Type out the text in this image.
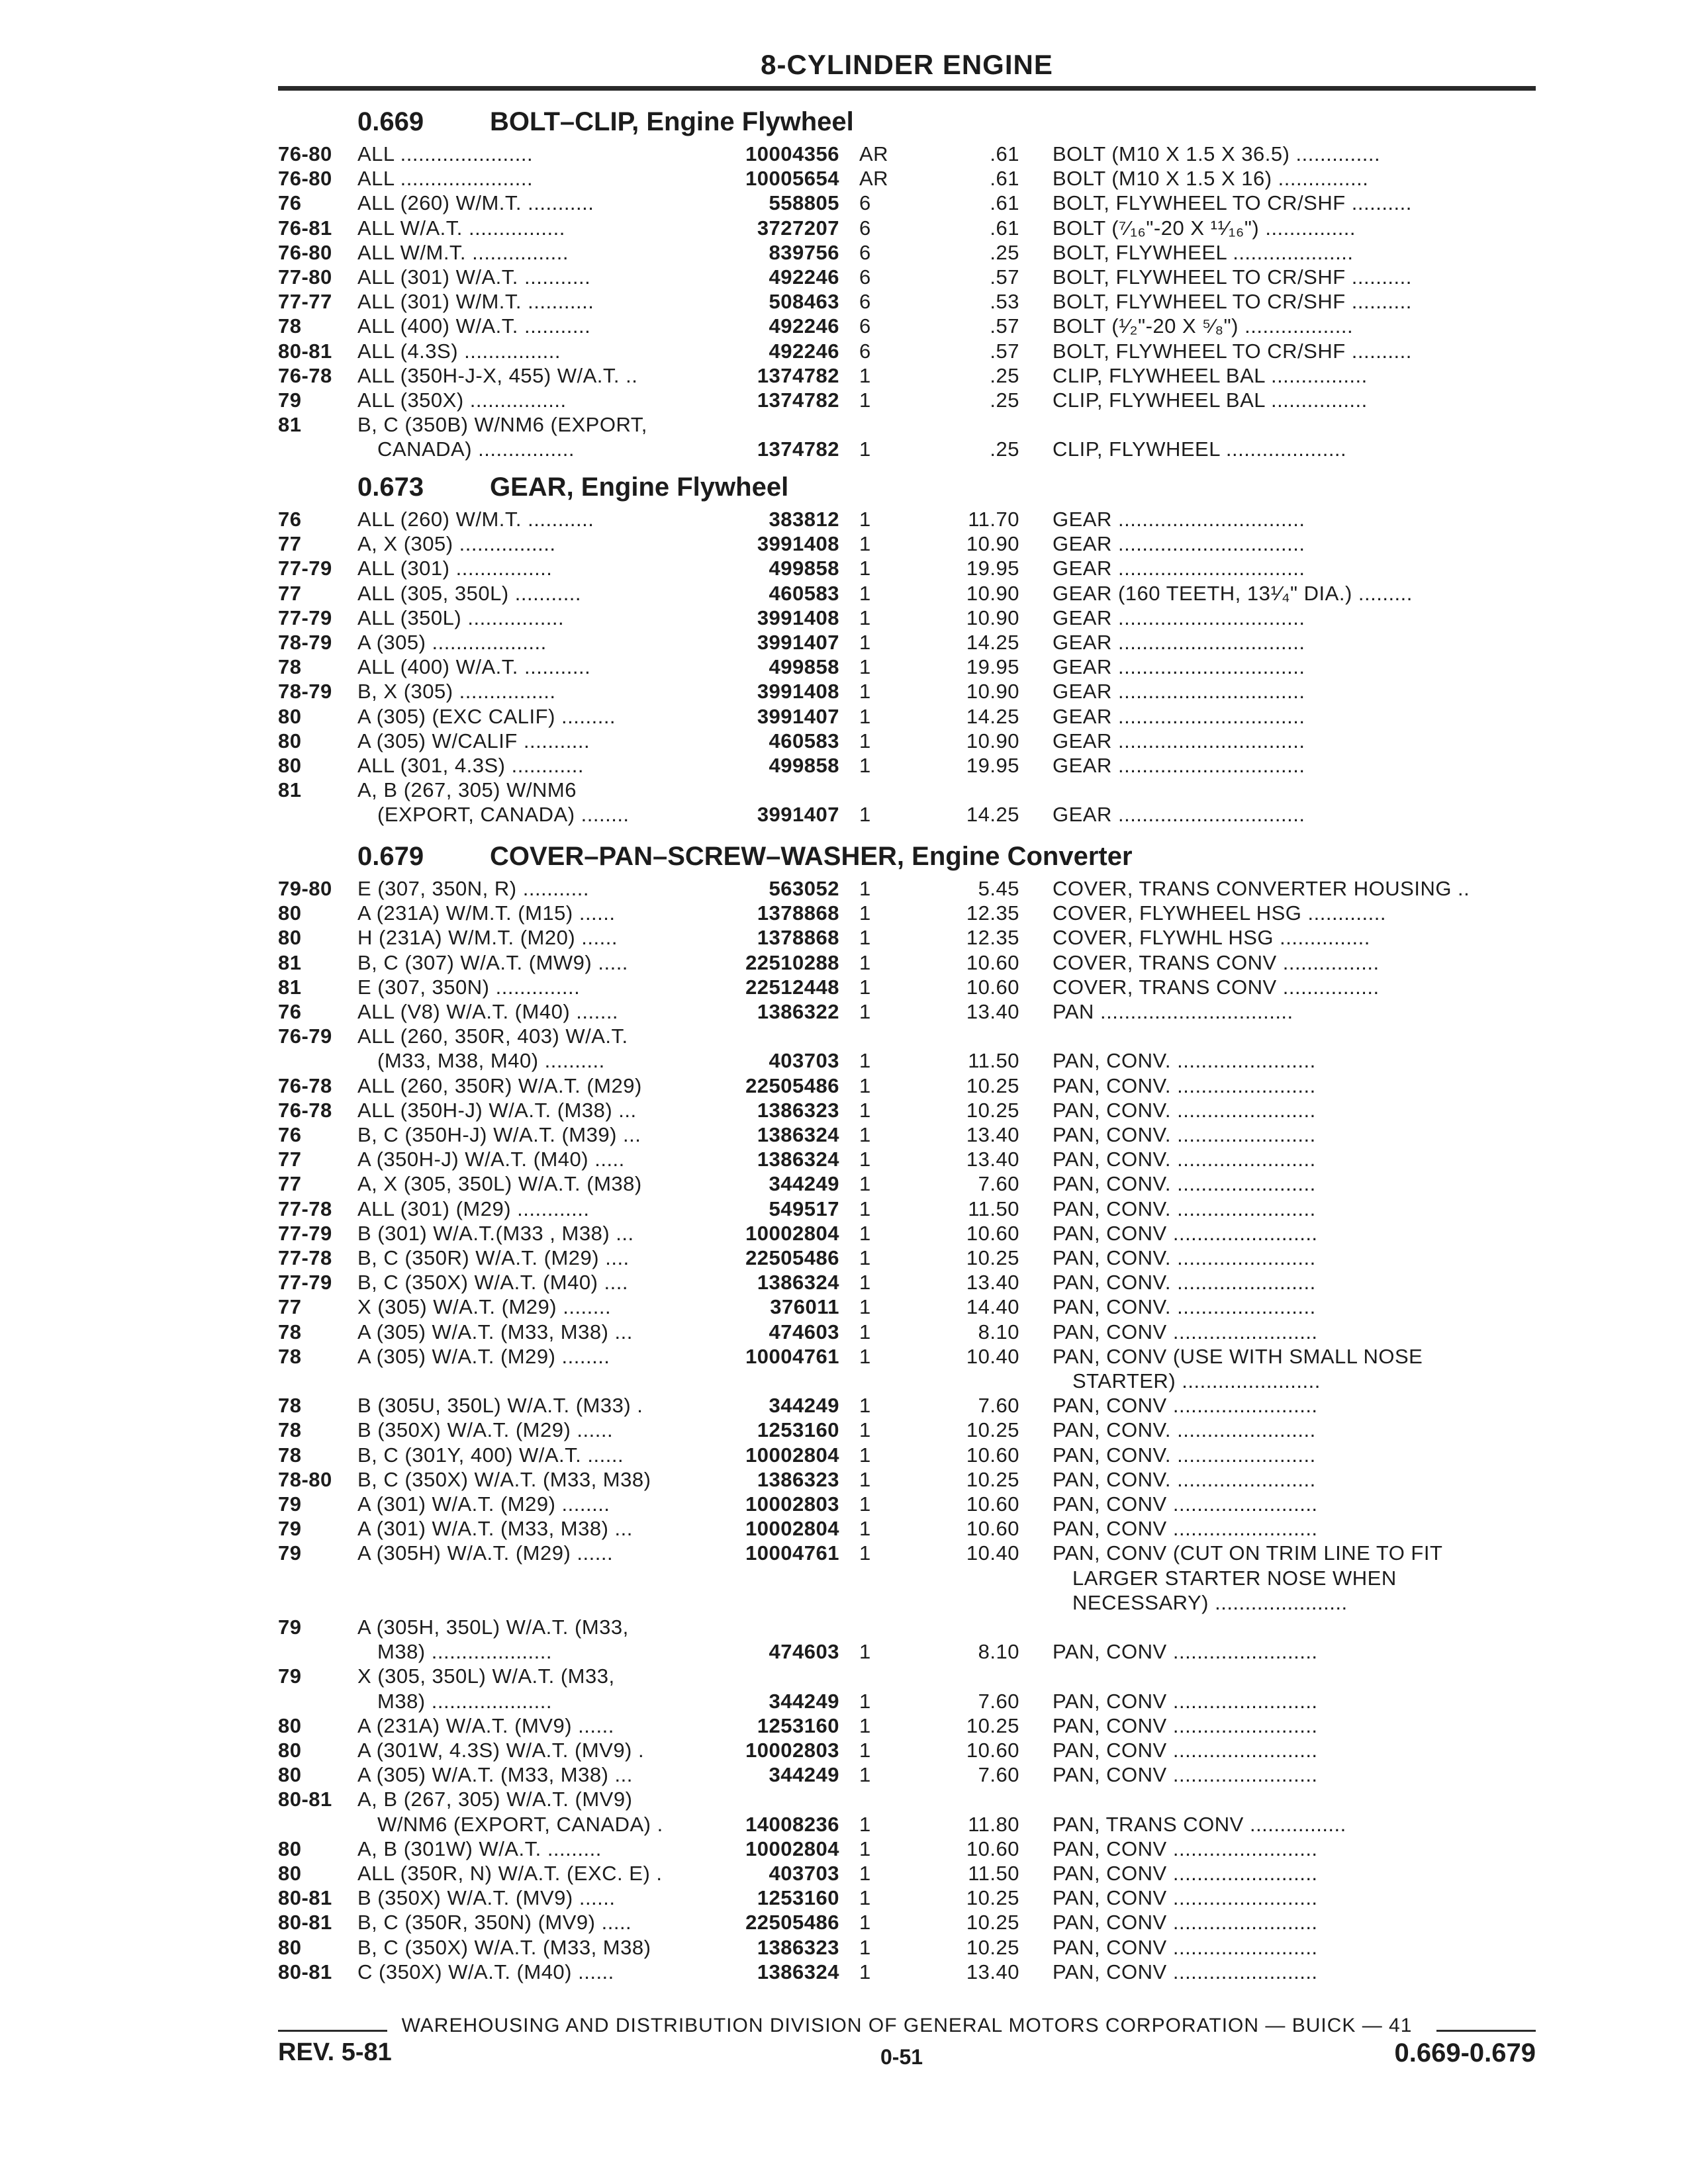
8-CYLINDER ENGINE
0.669 BOLT–CLIP, Engine Flywheel
76-80 ALL ......................	10004356 AR	.61 BOLT (M10 X 1.5 X 36.5) ..............
76-80 ALL ......................	10005654 AR	.61 BOLT (M10 X 1.5 X 16) ...............
76	ALL (260) W/M.T. ...........	558805 6	.61 BOLT, FLYWHEEL TO CR/SHF ..........
76-81 ALL W/A.T. ................	3727207 6	.61 BOLT (⁷⁄₁₆"-20 X ¹¹⁄₁₆") ...............
76-80 ALL W/M.T. ................	839756 6	.25 BOLT, FLYWHEEL ....................
77-80 ALL (301) W/A.T. ...........	492246 6	.57 BOLT, FLYWHEEL TO CR/SHF ..........
77-77 ALL (301) W/M.T. ...........	508463 6	.53 BOLT, FLYWHEEL TO CR/SHF ..........
78	ALL (400) W/A.T. ...........	492246 6	.57 BOLT (¹⁄₂"-20 X ⁵⁄₈") ..................
80-81 ALL (4.3S) ................	492246 6	.57 BOLT, FLYWHEEL TO CR/SHF ..........
76-78 ALL (350H-J-X, 455) W/A.T. ..	1374782 1	.25 CLIP, FLYWHEEL BAL ................
79	ALL (350X) ................	1374782 1	.25 CLIP, FLYWHEEL BAL ................
81	B, C (350B) W/NM6 (EXPORT,
CANADA) ................	1374782 1	.25 CLIP, FLYWHEEL ....................
0.673 GEAR, Engine Flywheel
76	ALL (260) W/M.T. ...........	383812 1	11.70 GEAR ...............................
77	A, X (305) ................	3991408 1	10.90 GEAR ...............................
77-79 ALL (301) ................	499858 1	19.95 GEAR ...............................
77	ALL (305, 350L) ...........	460583 1	10.90 GEAR (160 TEETH, 13¹⁄₄" DIA.) .........
77-79 ALL (350L) ................	3991408 1	10.90 GEAR ...............................
78-79 A (305) ...................	3991407 1	14.25 GEAR ...............................
78	ALL (400) W/A.T. ...........	499858 1	19.95 GEAR ...............................
78-79 B, X (305) ................	3991408 1	10.90 GEAR ...............................
80	A (305) (EXC CALIF) .........	3991407 1	14.25 GEAR ...............................
80	A (305) W/CALIF ...........	460583 1	10.90 GEAR ...............................
80	ALL (301, 4.3S) ............	499858 1	19.95 GEAR ...............................
81	A, B (267, 305) W/NM6
(EXPORT, CANADA) ........	3991407 1	14.25 GEAR ...............................
0.679 COVER–PAN–SCREW–WASHER, Engine Converter
79-80 E (307, 350N, R) ...........	563052 1	5.45 COVER, TRANS CONVERTER HOUSING ..
80	A (231A) W/M.T. (M15) ......	1378868 1	12.35 COVER, FLYWHEEL HSG .............
80	H (231A) W/M.T. (M20) ......	1378868 1	12.35 COVER, FLYWHL HSG ...............
81	B, C (307) W/A.T. (MW9) .....	22510288 1	10.60 COVER, TRANS CONV ................
81	E (307, 350N) ..............	22512448 1	10.60 COVER, TRANS CONV ................
76	ALL (V8) W/A.T. (M40) .......	1386322 1	13.40 PAN ................................
76-79 ALL (260, 350R, 403) W/A.T.
(M33, M38, M40) ..........	403703 1	11.50 PAN, CONV. .......................
76-78 ALL (260, 350R) W/A.T. (M29)	22505486 1	10.25 PAN, CONV. .......................
76-78 ALL (350H-J) W/A.T. (M38) ...	1386323 1	10.25 PAN, CONV. .......................
76	B, C (350H-J) W/A.T. (M39) ...	1386324 1	13.40 PAN, CONV. .......................
77	A (350H-J) W/A.T. (M40) .....	1386324 1	13.40 PAN, CONV. .......................
77	A, X (305, 350L) W/A.T. (M38)	344249 1	7.60 PAN, CONV. .......................
77-78 ALL (301) (M29) ............	549517 1	11.50 PAN, CONV. .......................
77-79 B (301) W/A.T.(M33 , M38) ...	10002804 1	10.60 PAN, CONV ........................
77-78 B, C (350R) W/A.T. (M29) ....	22505486 1	10.25 PAN, CONV. .......................
77-79 B, C (350X) W/A.T. (M40) ....	1386324 1	13.40 PAN, CONV. .......................
77	X (305) W/A.T. (M29) ........	376011 1	14.40 PAN, CONV. .......................
78	A (305) W/A.T. (M33, M38) ...	474603 1	8.10 PAN, CONV ........................
78	A (305) W/A.T. (M29) ........	10004761 1	10.40 PAN, CONV (USE WITH SMALL NOSE
STARTER) .......................
78	B (305U, 350L) W/A.T. (M33) .	344249 1	7.60 PAN, CONV ........................
78	B (350X) W/A.T. (M29) ......	1253160 1	10.25 PAN, CONV. .......................
78	B, C (301Y, 400) W/A.T. ......	10002804 1	10.60 PAN, CONV. .......................
78-80 B, C (350X) W/A.T. (M33, M38)	1386323 1	10.25 PAN, CONV. .......................
79	A (301) W/A.T. (M29) ........	10002803 1	10.60 PAN, CONV ........................
79	A (301) W/A.T. (M33, M38) ...	10002804 1	10.60 PAN, CONV ........................
79	A (305H) W/A.T. (M29) ......	10004761 1	10.40 PAN, CONV (CUT ON TRIM LINE TO FIT
LARGER STARTER NOSE WHEN
NECESSARY) ......................
79	A (305H, 350L) W/A.T. (M33,
M38) ....................	474603 1	8.10 PAN, CONV ........................
79	X (305, 350L) W/A.T. (M33,
M38) ....................	344249 1	7.60 PAN, CONV ........................
80	A (231A) W/A.T. (MV9) ......	1253160 1	10.25 PAN, CONV ........................
80	A (301W, 4.3S) W/A.T. (MV9) .	10002803 1	10.60 PAN, CONV ........................
80	A (305) W/A.T. (M33, M38) ...	344249 1	7.60 PAN, CONV ........................
80-81 A, B (267, 305) W/A.T. (MV9)
W/NM6 (EXPORT, CANADA) .	14008236 1	11.80 PAN, TRANS CONV ................
80	A, B (301W) W/A.T. .........	10002804 1	10.60 PAN, CONV ........................
80	ALL (350R, N) W/A.T. (EXC. E) .	403703 1	11.50 PAN, CONV ........................
80-81 B (350X) W/A.T. (MV9) ......	1253160 1	10.25 PAN, CONV ........................
80-81 B, C (350R, 350N) (MV9) .....	22505486 1	10.25 PAN, CONV ........................
80	B, C (350X) W/A.T. (M33, M38)	1386323 1	10.25 PAN, CONV ........................
80-81 C (350X) W/A.T. (M40) ......	1386324 1	13.40 PAN, CONV ........................
WAREHOUSING AND DISTRIBUTION DIVISION OF GENERAL MOTORS CORPORATION — BUICK — 41
REV. 5-81	0-51	0.669-0.679
